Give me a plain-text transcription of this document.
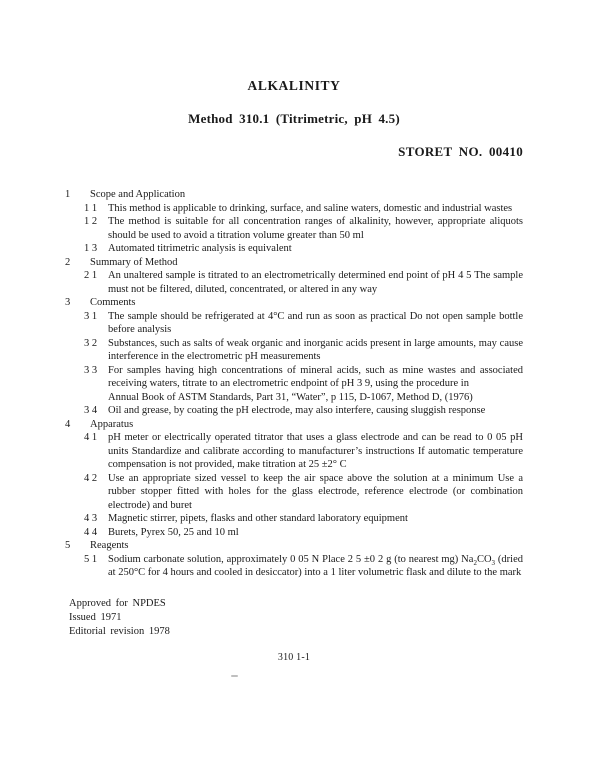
ALKALINITY
Method 310.1 (Titrimetric, pH 4.5)
STORET NO. 00410
1	Scope and Application
1 1	This method is applicable to drinking, surface, and saline waters, domestic and industrial wastes
1 2	The method is suitable for all concentration ranges of alkalinity, however, appropriate aliquots should be used to avoid a titration volume greater than 50 ml
1 3	Automated titrimetric analysis is equivalent
2	Summary of Method
2 1	An unaltered sample is titrated to an electrometrically determined end point of pH 4 5 The sample must not be filtered, diluted, concentrated, or altered in any way
3	Comments
3 1	The sample should be refrigerated at 4°C and run as soon as practical Do not open sample bottle before analysis
3 2	Substances, such as salts of weak organic and inorganic acids present in large amounts, may cause interference in the electrometric pH measurements
3 3	For samples having high concentrations of mineral acids, such as mine wastes and associated receiving waters, titrate to an electrometric endpoint of pH 3 9, using the procedure in

Annual Book of ASTM Standards, Part 31, “Water”, p 115, D-1067, Method D, (1976)

3 4	Oil and grease, by coating the pH electrode, may also interfere, causing sluggish response
4	Apparatus
4 1	pH meter or electrically operated titrator that uses a glass electrode and can be read to 0 05 pH units Standardize and calibrate according to manufacturer’s instructions If automatic temperature compensation is not provided, make titration at 25 ±2° C
4 2	Use an appropriate sized vessel to keep the air space above the solution at a minimum Use a rubber stopper fitted with holes for the glass electrode, reference electrode (or combination electrode) and buret
4 3	Magnetic stirrer, pipets, flasks and other standard laboratory equipment
4 4	Burets, Pyrex 50, 25 and 10 ml
5	Reagents
5 1	Sodium carbonate solution, approximately 0 05 N Place 2 5 ±0 2 g (to nearest mg) $Na_2CO_3$ (dried at 250°C for 4 hours and cooled in desiccator) into a 1 liter volumetric flask and dilute to the mark
Approved for NPDES
Issued 1971
Editorial revision 1978
310 1-1
